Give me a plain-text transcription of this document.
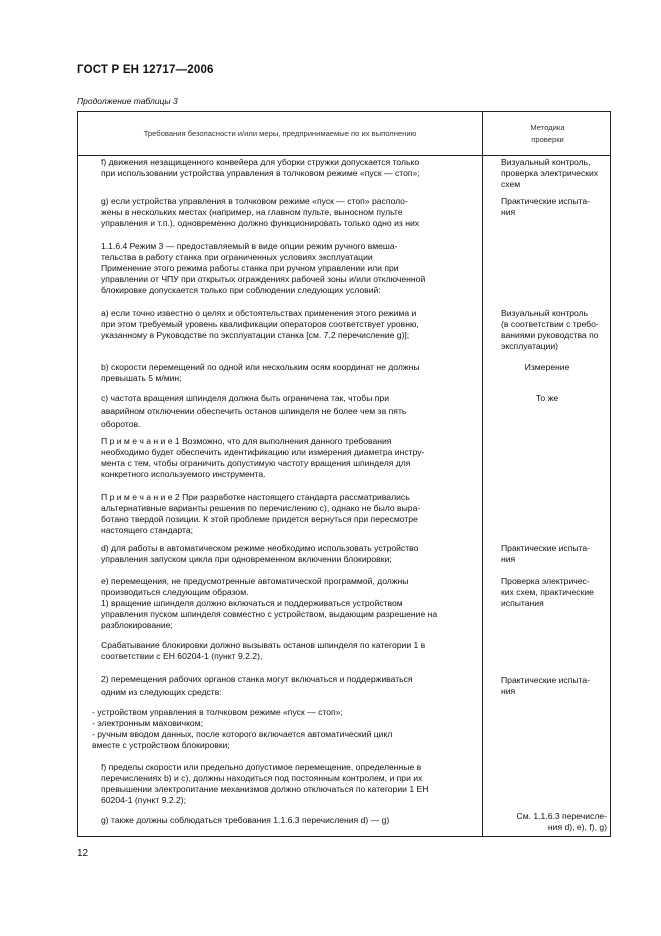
ГОСТ Р ЕН 12717—2006
Продолжение таблицы 3
Требования безопасности и/или меры, предпринимаемые по их выполнению
Методика
проверки
f) движения незащищенного конвейера для уборки стружки допускается только
при использовании устройства управления в толчковом режиме «пуск — стоп»;
Визуальный контроль,
проверка электрических
схем
g) если устройства управления в толчковом режиме «пуск — стоп» располо-
жены в нескольких местах (например, на главном пульте, выносном пульте
управления и т.п.), одновременно должно функционировать только одно из них
Практические испыта-
ния
1.1.6.4 Режим 3 — предоставляемый в виде опции режим ручного вмеша-
тельства в работу станка при ограниченных условиях эксплуатации
Применение этого режима работы станка при ручном управлении или при
управлении от ЧПУ при открытых ограждениях рабочей зоны и/или отключенной
блокировке допускается только при соблюдении следующих условий:
a) если точно известно о целях и обстоятельствах применения этого режима и
при этом требуемый уровень квалификации операторов соответствует уровню,
указанному в Руководстве по эксплуатации станка [см. 7.2 перечисление g)];
Визуальный контроль
(в соответствии с требо-
ваниями руководства по
эксплуатации)
b) скорости перемещений по одной или нескольким осям координат не должны
превышать 5 м/мин;
Измерение
c) частота вращения шпинделя должна быть ограничена так, чтобы при
аварийном отключении обеспечить останов шпинделя не более чем за пять
оборотов.
То же
П р и м е ч а н и е 1 Возможно, что для выполнения данного требования
необходимо будет обеспечить идентификацию или измерения диаметра инстру-
мента с тем, чтобы ограничить допустимую частоту вращения шпинделя для
конкретного используемого инструмента.
П р и м е ч а н и е 2 При разработке настоящего стандарта рассматривались
альтернативные варианты решения по перечислению c), однако не было выра-
ботано твердой позиции. К этой проблеме придется вернуться при пересмотре
настоящего стандарта;
d) для работы в автоматическом режиме необходимо использовать устройство
управления запуском цикла при одновременном включении блокировки;
Практические испыта-
ния
e) перемещения, не предусмотренные автоматической программой, должны
производиться следующим образом.
1) вращение шпинделя должно включаться и поддерживаться устройством
управления пуском шпинделя совместно с устройством, выдающим разрешение на
разблокирование;
Проверка электричес-
ких схем, практические
испытания
Срабатывание блокировки должно вызывать останов шпинделя по категории 1 в
соответствии с ЕН 60204-1 (пункт 9.2.2),
2) перемещения рабочих органов станка могут включаться и поддерживаться
одним из следующих средств:
Практические испыта-
ния
- устройством управления в толчковом режиме «пуск — стоп»;
- электронным маховичком;
- ручным вводом данных, после которого включается автоматический цикл
вместе с устройством блокировки;
f) пределы скорости или предельно допустимое перемещение, определенные в
перечислениях b) и c), должны находиться под постоянным контролем, и при их
превышении электропитание механизмов должно отключаться по категории 1 ЕН
60204-1 (пункт 9.2.2);
g) также должны соблюдаться требования 1.1.6.3 перечисления d) — g)	См. 1.1.6.3 перечисле-
ния d), e), f), g)
12
